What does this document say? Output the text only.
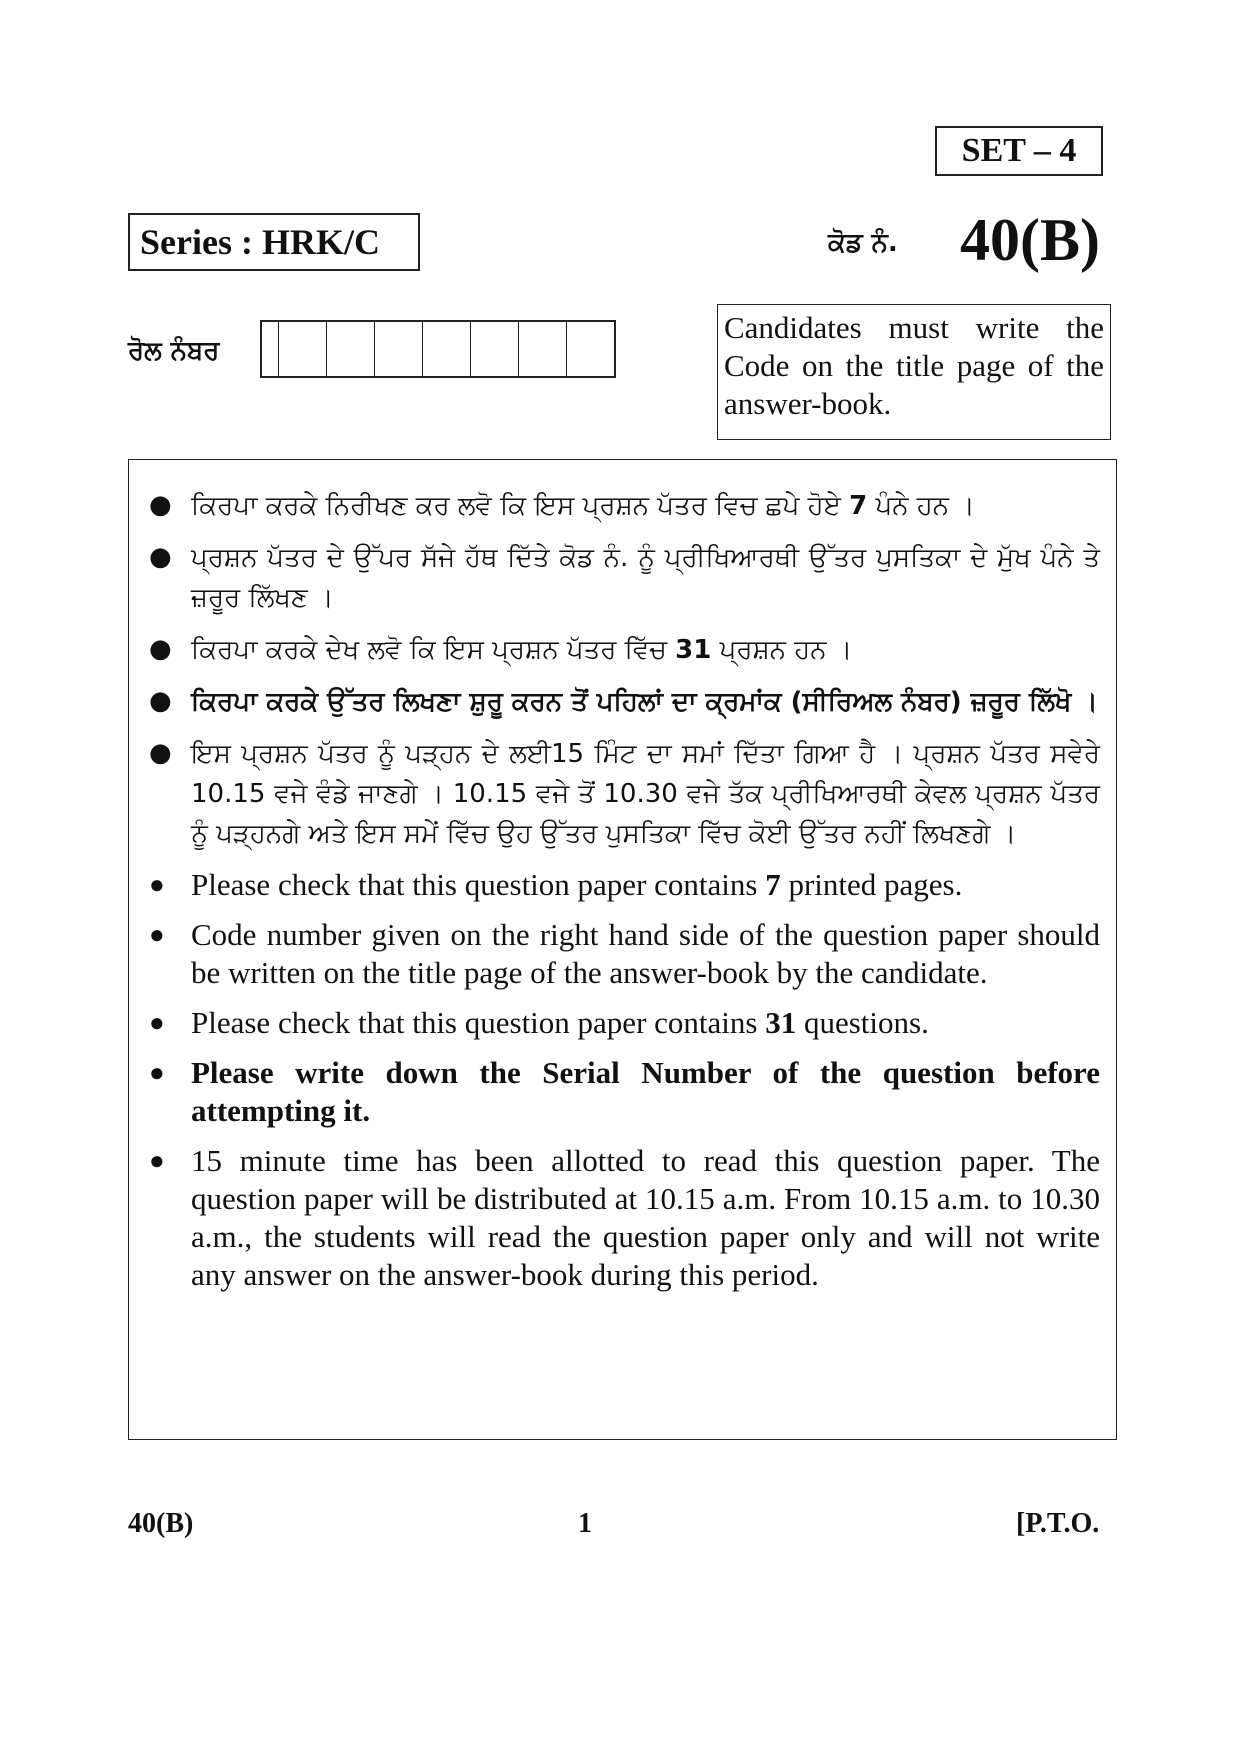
SET – 4
Series : HRK/C	ਕੋਡ ਨੰ. 40(B)
ਰੋਲ ਨੰਬਰ
Candidates must write the Code on the title page of the answer-book.
● ਕਿਰਪਾ ਕਰਕੇ ਨਿਰੀਖਣ ਕਰ ਲਵੋ ਕਿ ਇਸ ਪ੍ਰਸ਼ਨ ਪੱਤਰ ਵਿਚ ਛਪੇ ਹੋਏ 7 ਪੰਨੇ ਹਨ ।
● ਪ੍ਰਸ਼ਨ ਪੱਤਰ ਦੇ ਉੱਪਰ ਸੱਜੇ ਹੱਥ ਦਿੱਤੇ ਕੋਡ ਨੰ. ਨੂੰ ਪ੍ਰੀਖਿਆਰਥੀ ਉੱਤਰ ਪੁਸਤਿਕਾ ਦੇ ਮੁੱਖ ਪੰਨੇ ਤੇ ਜ਼ਰੂਰ ਲਿੱਖਣ ।
● ਕਿਰਪਾ ਕਰਕੇ ਦੇਖ ਲਵੋ ਕਿ ਇਸ ਪ੍ਰਸ਼ਨ ਪੱਤਰ ਵਿੱਚ 31 ਪ੍ਰਸ਼ਨ ਹਨ ।
● ਕਿਰਪਾ ਕਰਕੇ ਉੱਤਰ ਲਿਖਣਾ ਸ਼ੁਰੂ ਕਰਨ ਤੋਂ ਪਹਿਲਾਂ ਦਾ ਕ੍ਰਮਾਂਕ (ਸੀਰਿਅਲ ਨੰਬਰ) ਜ਼ਰੂਰ ਲਿੱਖੋ ।
● ਇਸ ਪ੍ਰਸ਼ਨ ਪੱਤਰ ਨੂੰ ਪੜ੍ਹਨ ਦੇ ਲਈ15 ਮਿੰਟ ਦਾ ਸਮਾਂ ਦਿੱਤਾ ਗਿਆ ਹੈ । ਪ੍ਰਸ਼ਨ ਪੱਤਰ ਸਵੇਰੇ 10.15 ਵਜੇ ਵੰਡੇ ਜਾਣਗੇ । 10.15 ਵਜੇ ਤੋਂ 10.30 ਵਜੇ ਤੱਕ ਪ੍ਰੀਖਿਆਰਥੀ ਕੇਵਲ ਪ੍ਰਸ਼ਨ ਪੱਤਰ ਨੂੰ ਪੜ੍ਹਨਗੇ ਅਤੇ ਇਸ ਸਮੇਂ ਵਿੱਚ ਉਹ ਉੱਤਰ ਪੁਸਤਿਕਾ ਵਿੱਚ ਕੋਈ ਉੱਤਰ ਨਹੀਂ ਲਿਖਣਗੇ ।
● Please check that this question paper contains 7 printed pages.
● Code number given on the right hand side of the question paper should be written on the title page of the answer-book by the candidate.
● Please check that this question paper contains 31 questions.
● Please write down the Serial Number of the question before attempting it.
● 15 minute time has been allotted to read this question paper. The question paper will be distributed at 10.15 a.m. From 10.15 a.m. to 10.30 a.m., the students will read the question paper only and will not write any answer on the answer-book during this period.
40(B)	1	[P.T.O.
